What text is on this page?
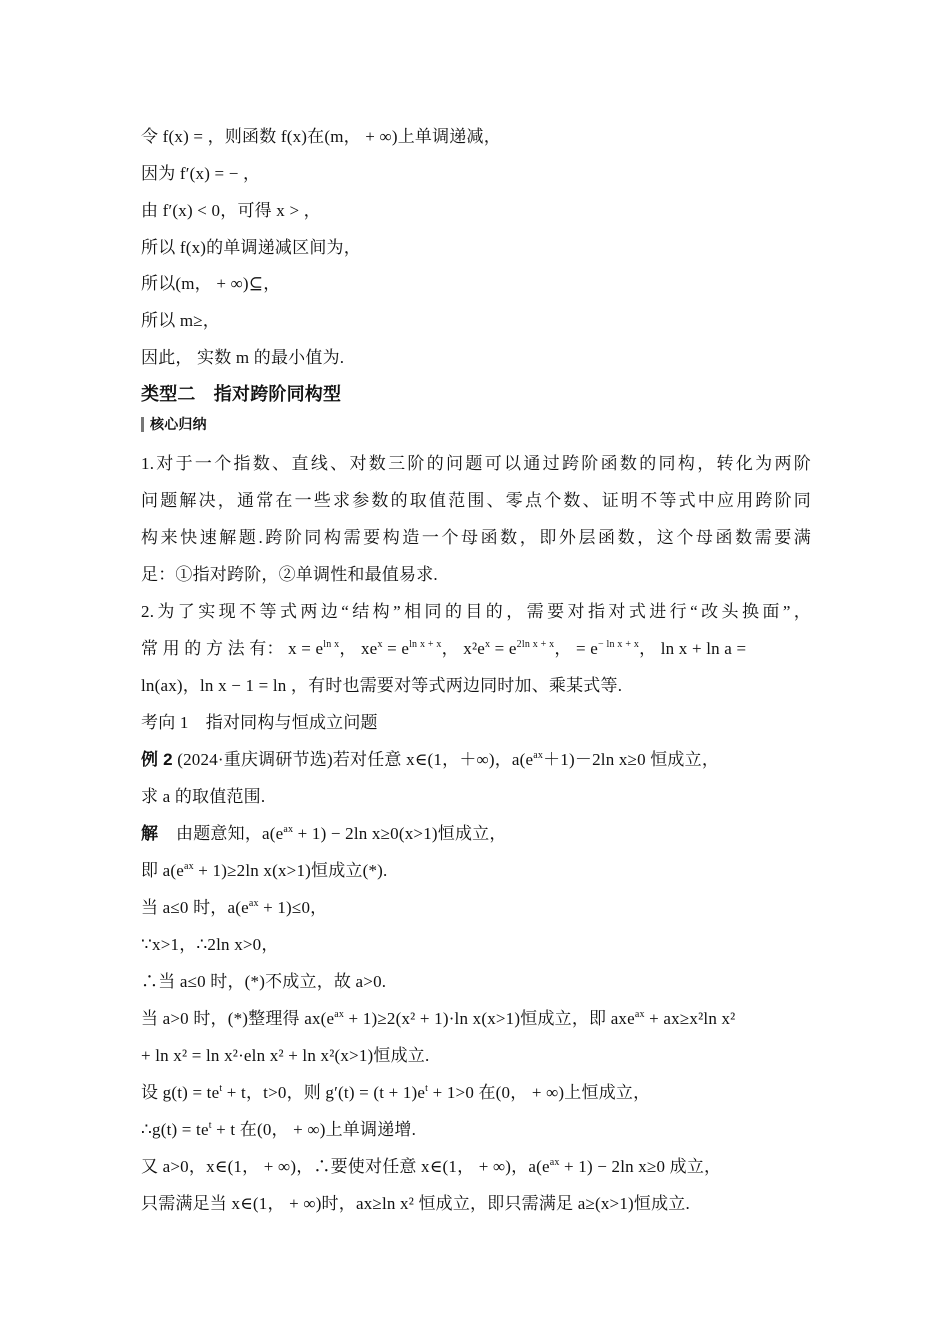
令 f(x) = ，则函数 f(x)在(m， + ∞)上单调递减，
因为 f′(x) = − ，
由 f′(x) < 0，可得 x > ，
所以 f(x)的单调递减区间为，
所以(m， + ∞)⊆，
所以 m≥，
因此， 实数 m 的最小值为.
类型二　指对跨阶同构型
核心归纳
1.对于一个指数、直线、对数三阶的问题可以通过跨阶函数的同构，转化为两阶
问题解决，通常在一些求参数的取值范围、零点个数、证明不等式中应用跨阶同
构来快速解题.跨阶同构需要构造一个母函数，即外层函数，这个母函数需要满
足：①指对跨阶，②单调性和最值易求.
2.为了实现不等式两边“结构”相同的目的，需要对指对式进行“改头换面”，
常 用 的 方 法 有： $x = e^{ln x}$， $xe^x = e^{ln x + x}$， $x^2e^x = e^{2ln x + x}$， = $e^{- ln x + x}$， ln x + ln a =
ln(ax)，ln x − 1 = ln ，有时也需要对等式两边同时加、乘某式等.
考向 1　指对同构与恒成立问题
例 2 (2024·重庆调研节选)若对任意 x∈(1，＋∞)，$a(e^{ax}+1)-2\ln$ x≥0 恒成立，
求 a 的取值范围.
解 由题意知，$a(e^{ax} + 1) - 2\ln$ x≥0(x>1)恒成立，
即 $a(e^{ax} + 1)\ge 2\ln$ x(x>1)恒成立(*).
当 a≤0 时，$a(e^{ax} + 1)\le 0$，
∵x>1，∴2ln x>0，
∴当 a≤0 时，(*)不成立，故 a>0.
当 a>0 时，(*)整理得 $ax(e^{ax} + 1)\ge 2(x^2 + 1)\cdot\ln$ x(x>1)恒成立，即 axe$^{ax}$ + ax≥x²ln x²
+ ln x² = ln x²·eln x² + ln x²(x>1)恒成立.
设 $g(t) = te^t + t$，t>0，则 $g'(t) = (t + 1)e^t + 1>0$ 在(0， + ∞)上恒成立，
∴g(t) = $te^t + t$ 在(0， + ∞)上单调递增.
又 a>0，x∈(1， + ∞)，∴要使对任意 x∈(1， + ∞)，$a(e^{ax} + 1) - 2\ln$ x≥0 成立，
只需满足当 x∈(1， + ∞)时，ax≥ln x² 恒成立，即只需满足 a≥(x>1)恒成立.
